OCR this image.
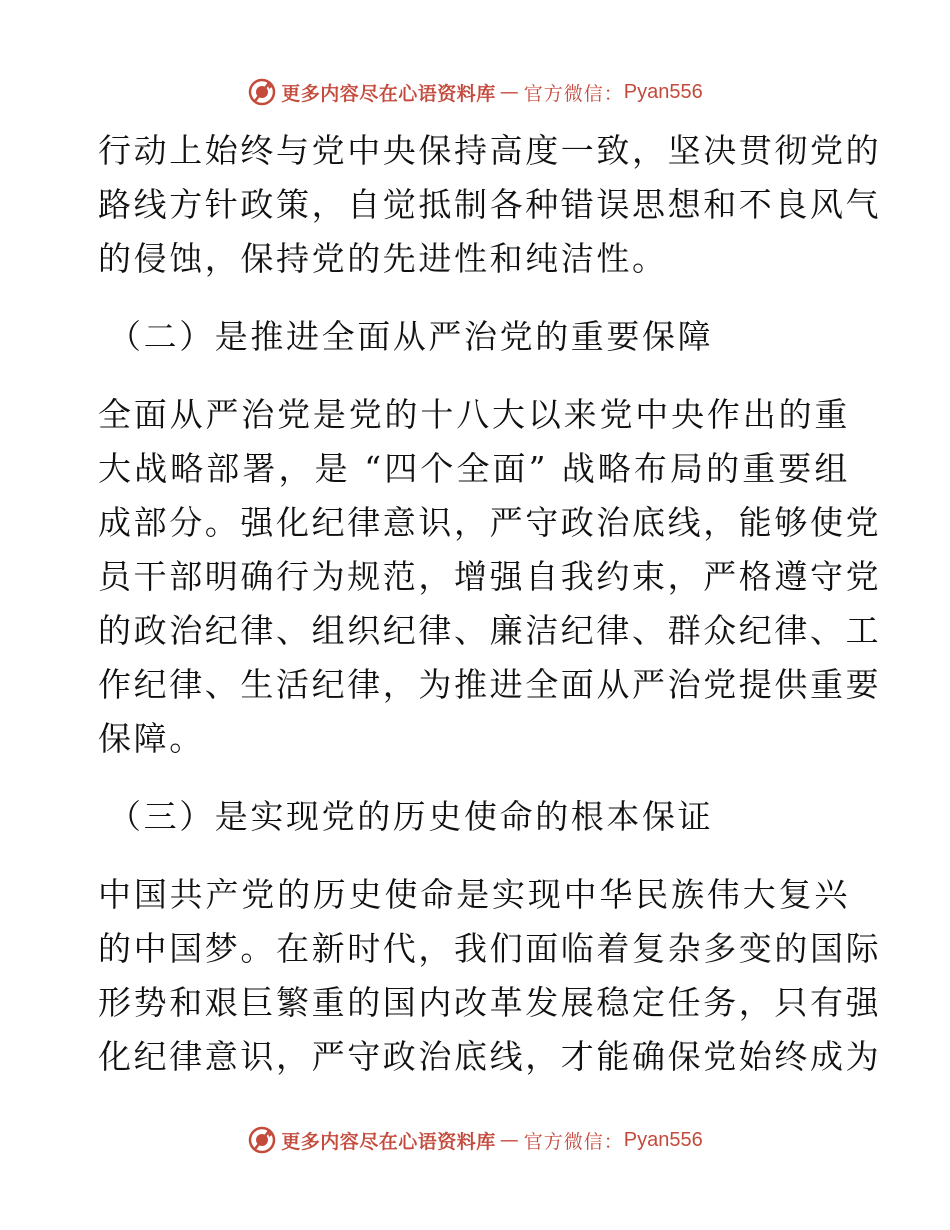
更多内容尽在心语资料库 — 官方微信： Pyan556
行动上始终与党中央保持高度一致，坚决贯彻党的
路线方针政策，自觉抵制各种错误思想和不良风气
的侵蚀，保持党的先进性和纯洁性。
（二）是推进全面从严治党的重要保障
全面从严治党是党的十八大以来党中央作出的重
大战略部署，是 “四个全面” 战略布局的重要组
成部分。强化纪律意识，严守政治底线，能够使党
员干部明确行为规范，增强自我约束，严格遵守党
的政治纪律、组织纪律、廉洁纪律、群众纪律、工
作纪律、生活纪律，为推进全面从严治党提供重要
保障。
（三）是实现党的历史使命的根本保证
中国共产党的历史使命是实现中华民族伟大复兴
的中国梦。在新时代，我们面临着复杂多变的国际
形势和艰巨繁重的国内改革发展稳定任务，只有强
化纪律意识，严守政治底线，才能确保党始终成为
更多内容尽在心语资料库 — 官方微信： Pyan556
